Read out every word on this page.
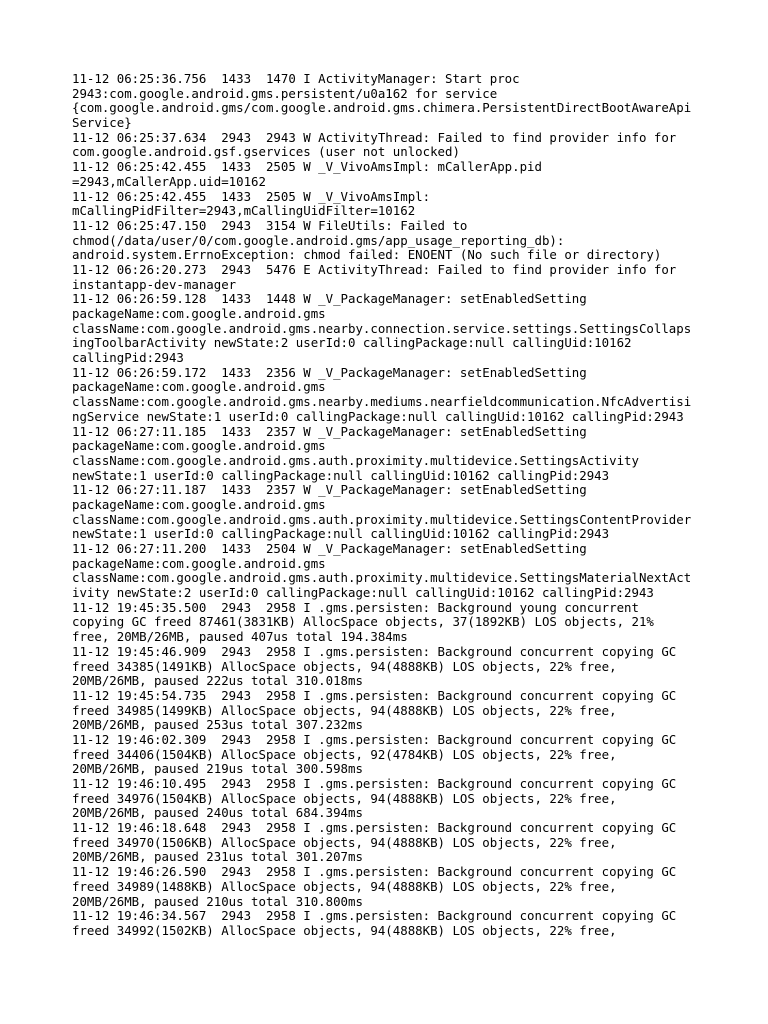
11-12 06:25:36.756  1433  1470 I ActivityManager: Start proc
2943:com.google.android.gms.persistent/u0a162 for service
{com.google.android.gms/com.google.android.gms.chimera.PersistentDirectBootAwareApi
Service}
11-12 06:25:37.634  2943  2943 W ActivityThread: Failed to find provider info for
com.google.android.gsf.gservices (user not unlocked)
11-12 06:25:42.455  1433  2505 W _V_VivoAmsImpl: mCallerApp.pid
=2943,mCallerApp.uid=10162
11-12 06:25:42.455  1433  2505 W _V_VivoAmsImpl:
mCallingPidFilter=2943,mCallingUidFilter=10162
11-12 06:25:47.150  2943  3154 W FileUtils: Failed to
chmod(/data/user/0/com.google.android.gms/app_usage_reporting_db):
android.system.ErrnoException: chmod failed: ENOENT (No such file or directory)
11-12 06:26:20.273  2943  5476 E ActivityThread: Failed to find provider info for
instantapp-dev-manager
11-12 06:26:59.128  1433  1448 W _V_PackageManager: setEnabledSetting
packageName:com.google.android.gms
className:com.google.android.gms.nearby.connection.service.settings.SettingsCollaps
ingToolbarActivity newState:2 userId:0 callingPackage:null callingUid:10162
callingPid:2943
11-12 06:26:59.172  1433  2356 W _V_PackageManager: setEnabledSetting
packageName:com.google.android.gms
className:com.google.android.gms.nearby.mediums.nearfieldcommunication.NfcAdvertisi
ngService newState:1 userId:0 callingPackage:null callingUid:10162 callingPid:2943
11-12 06:27:11.185  1433  2357 W _V_PackageManager: setEnabledSetting
packageName:com.google.android.gms
className:com.google.android.gms.auth.proximity.multidevice.SettingsActivity
newState:1 userId:0 callingPackage:null callingUid:10162 callingPid:2943
11-12 06:27:11.187  1433  2357 W _V_PackageManager: setEnabledSetting
packageName:com.google.android.gms
className:com.google.android.gms.auth.proximity.multidevice.SettingsContentProvider
newState:1 userId:0 callingPackage:null callingUid:10162 callingPid:2943
11-12 06:27:11.200  1433  2504 W _V_PackageManager: setEnabledSetting
packageName:com.google.android.gms
className:com.google.android.gms.auth.proximity.multidevice.SettingsMaterialNextAct
ivity newState:2 userId:0 callingPackage:null callingUid:10162 callingPid:2943
11-12 19:45:35.500  2943  2958 I .gms.persisten: Background young concurrent
copying GC freed 87461(3831KB) AllocSpace objects, 37(1892KB) LOS objects, 21%
free, 20MB/26MB, paused 407us total 194.384ms
11-12 19:45:46.909  2943  2958 I .gms.persisten: Background concurrent copying GC
freed 34385(1491KB) AllocSpace objects, 94(4888KB) LOS objects, 22% free,
20MB/26MB, paused 222us total 310.018ms
11-12 19:45:54.735  2943  2958 I .gms.persisten: Background concurrent copying GC
freed 34985(1499KB) AllocSpace objects, 94(4888KB) LOS objects, 22% free,
20MB/26MB, paused 253us total 307.232ms
11-12 19:46:02.309  2943  2958 I .gms.persisten: Background concurrent copying GC
freed 34406(1504KB) AllocSpace objects, 92(4784KB) LOS objects, 22% free,
20MB/26MB, paused 219us total 300.598ms
11-12 19:46:10.495  2943  2958 I .gms.persisten: Background concurrent copying GC
freed 34976(1504KB) AllocSpace objects, 94(4888KB) LOS objects, 22% free,
20MB/26MB, paused 240us total 684.394ms
11-12 19:46:18.648  2943  2958 I .gms.persisten: Background concurrent copying GC
freed 34970(1506KB) AllocSpace objects, 94(4888KB) LOS objects, 22% free,
20MB/26MB, paused 231us total 301.207ms
11-12 19:46:26.590  2943  2958 I .gms.persisten: Background concurrent copying GC
freed 34989(1488KB) AllocSpace objects, 94(4888KB) LOS objects, 22% free,
20MB/26MB, paused 210us total 310.800ms
11-12 19:46:34.567  2943  2958 I .gms.persisten: Background concurrent copying GC
freed 34992(1502KB) AllocSpace objects, 94(4888KB) LOS objects, 22% free,
